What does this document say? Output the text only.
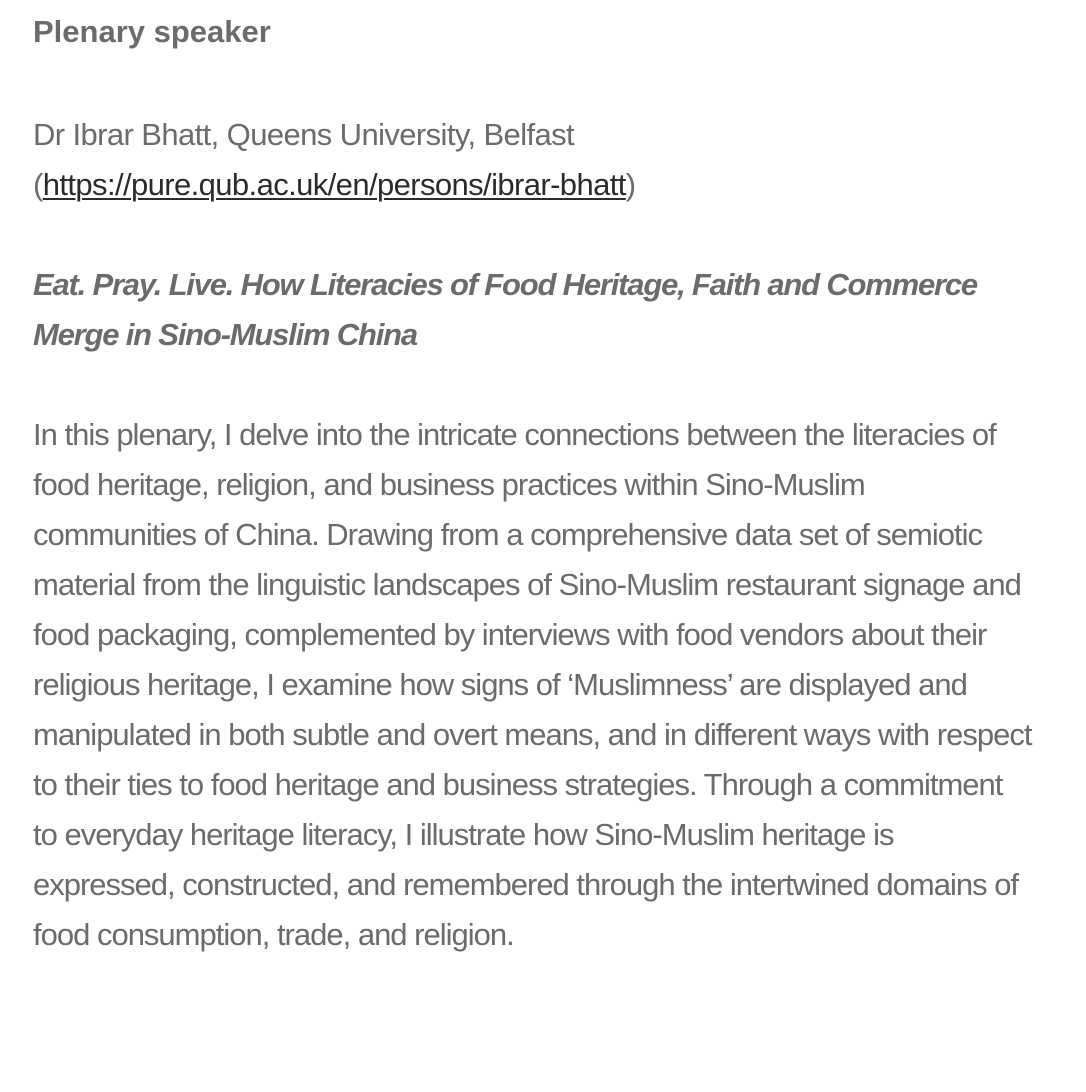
Plenary speaker

Dr Ibrar Bhatt, Queens University, Belfast
(https://pure.qub.ac.uk/en/persons/ibrar-bhatt)

Eat. Pray. Live. How Literacies of Food Heritage, Faith and Commerce Merge in Sino-Muslim China

In this plenary, I delve into the intricate connections between the literacies of food heritage, religion, and business practices within Sino-Muslim communities of China. Drawing from a comprehensive data set of semiotic material from the linguistic landscapes of Sino-Muslim restaurant signage and food packaging, complemented by interviews with food vendors about their religious heritage, I examine how signs of ‘Muslimness’ are displayed and manipulated in both subtle and overt means, and in different ways with respect to their ties to food heritage and business strategies. Through a commitment to everyday heritage literacy, I illustrate how Sino-Muslim heritage is expressed, constructed, and remembered through the intertwined domains of food consumption, trade, and religion.
